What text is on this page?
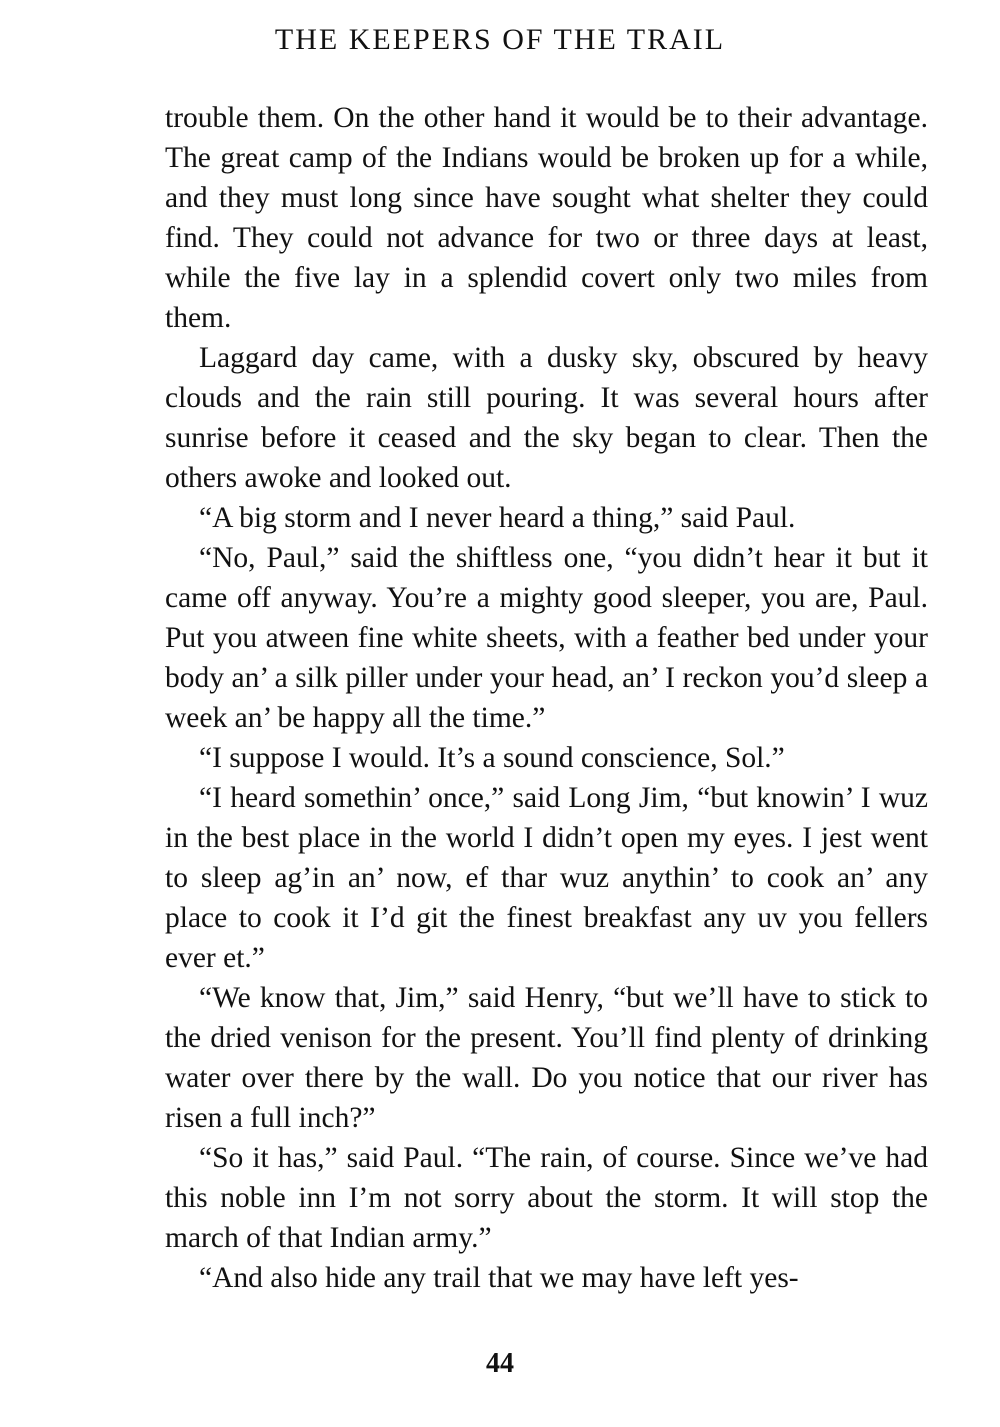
THE KEEPERS OF THE TRAIL

trouble them. On the other hand it would be to their advantage. The great camp of the Indians would be broken up for a while, and they must long since have sought what shelter they could find. They could not advance for two or three days at least, while the five lay in a splendid covert only two miles from them.

Laggard day came, with a dusky sky, obscured by heavy clouds and the rain still pouring. It was several hours after sunrise before it ceased and the sky began to clear. Then the others awoke and looked out.

“A big storm and I never heard a thing,” said Paul.

“No, Paul,” said the shiftless one, “you didn’t hear it but it came off anyway. You’re a mighty good sleeper, you are, Paul. Put you atween fine white sheets, with a feather bed under your body an’ a silk piller under your head, an’ I reckon you’d sleep a week an’ be happy all the time.”

“I suppose I would. It’s a sound conscience, Sol.”

“I heard somethin’ once,” said Long Jim, “but knowin’ I wuz in the best place in the world I didn’t open my eyes. I jest went to sleep ag’in an’ now, ef thar wuz anythin’ to cook an’ any place to cook it I’d git the finest breakfast any uv you fellers ever et.”

“We know that, Jim,” said Henry, “but we’ll have to stick to the dried venison for the present. You’ll find plenty of drinking water over there by the wall. Do you notice that our river has risen a full inch?”

“So it has,” said Paul. “The rain, of course. Since we’ve had this noble inn I’m not sorry about the storm. It will stop the march of that Indian army.”

“And also hide any trail that we may have left yes-

44
